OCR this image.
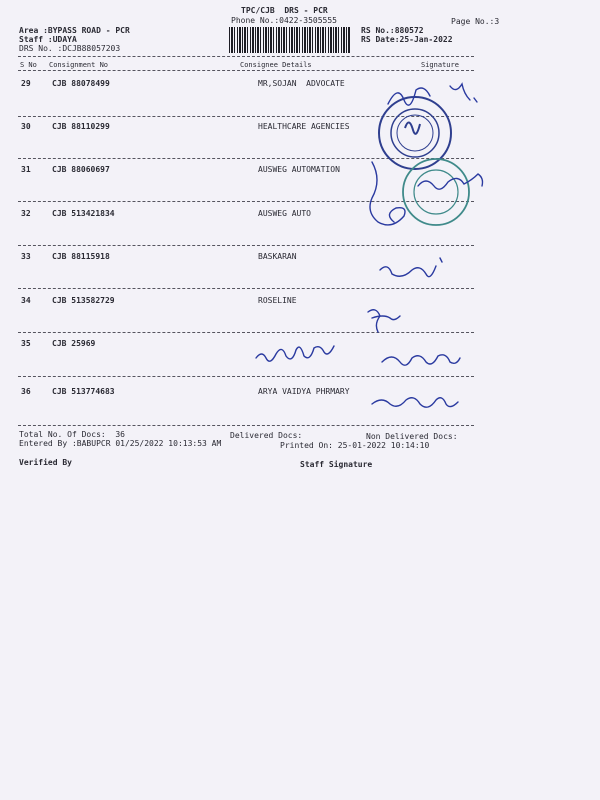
TPC/CJB  DRS - PCR
Phone No.:0422-3505555	Page No.:3
Area :BYPASS ROAD - PCR
Staff :UDAYA
DRS No. :DCJB88057203
RS No.:880572
RS Date:25-Jan-2022
S No Consignment No	Consignee Details	Signature
29	CJB 88078499	MR,SOJAN  ADVOCATE
30	CJB 88110299	HEALTHCARE AGENCIES
31	CJB 88060697	AUSWEG AUTOMATION
32	CJB 513421834	AUSWEG AUTO
33	CJB 88115918	BASKARAN
34	CJB 513582729	ROSELINE
35	CJB 25969
36	CJB 513774683	ARYA VAIDYA PHRMARY
Total No. Of Docs:  36	Delivered Docs:	Non Delivered Docs:
Entered By :BABUPCR 01/25/2022 10:13:53 AM	Printed On: 25-01-2022 10:14:10
Verified By	Staff Signature
